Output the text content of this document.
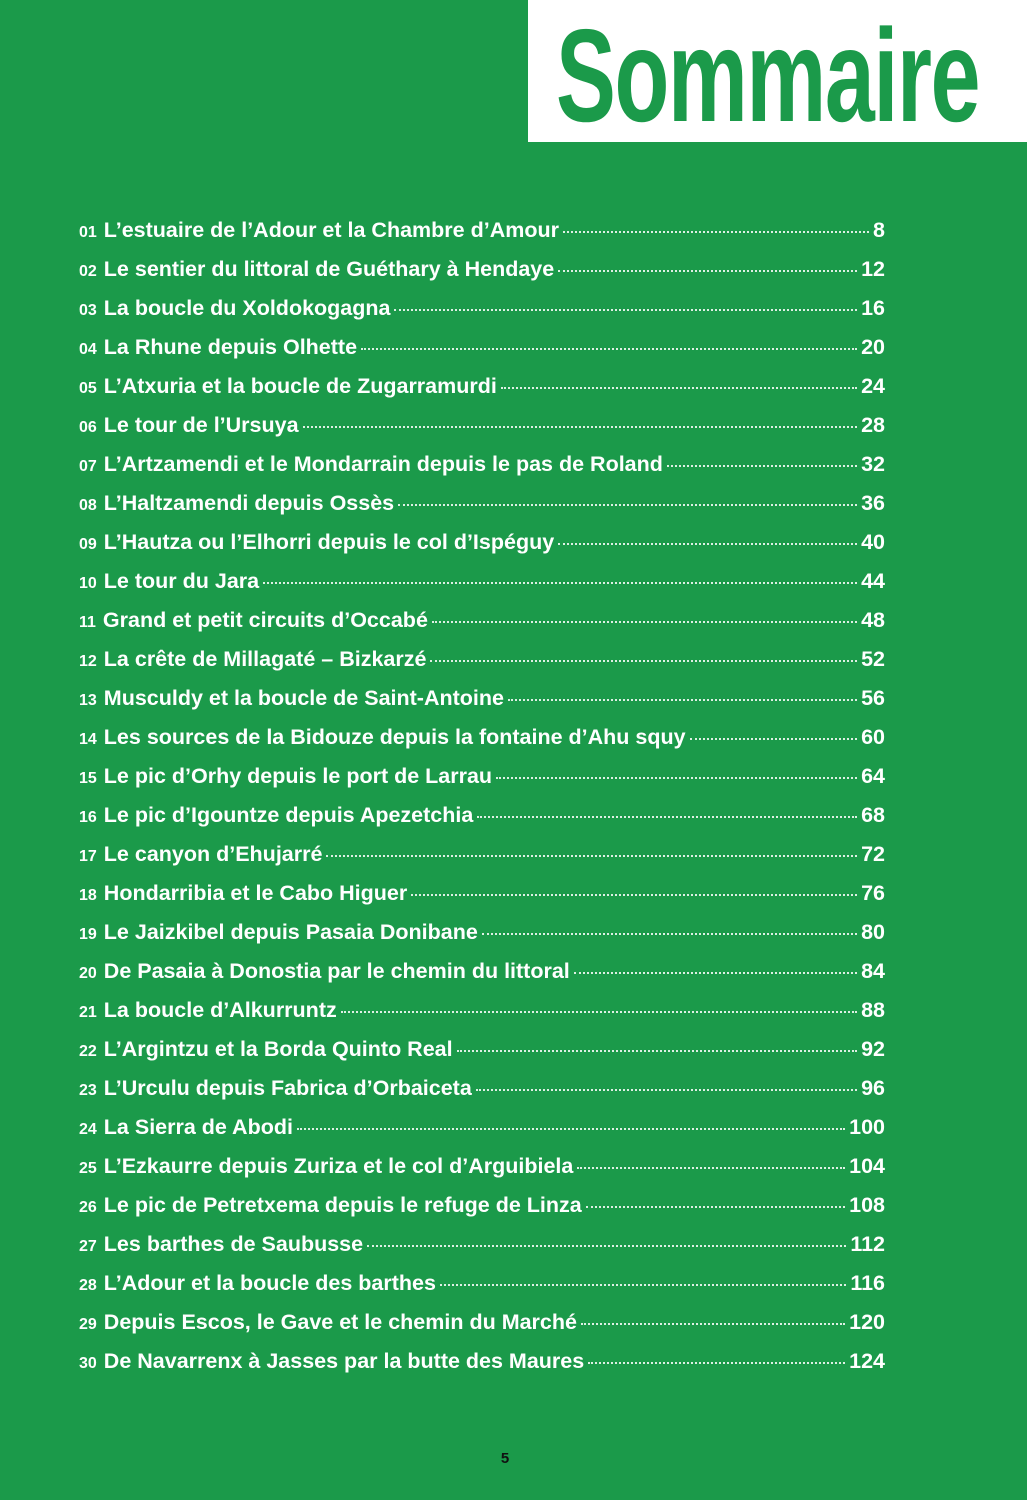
Sommaire
01 L’estuaire de l’Adour et la Chambre d’Amour	8
02 Le sentier du littoral de Guéthary à Hendaye	12
03 La boucle du Xoldokogagna	16
04 La Rhune depuis Olhette	20
05 L’Atxuria et la boucle de Zugarramurdi	24
06 Le tour de l’Ursuya	28
07 L’Artzamendi et le Mondarrain depuis le pas de Roland	32
08 L’Haltzamendi depuis Ossès	36
09 L’Hautza ou l’Elhorri depuis le col d’Ispéguy	40
10 Le tour du Jara	44
11 Grand et petit circuits d’Occabé	48
12 La crête de Millagaté – Bizkarzé	52
13 Musculdy et la boucle de Saint-Antoine	56
14 Les sources de la Bidouze depuis la fontaine d’Ahu squy	60
15 Le pic d’Orhy depuis le port de Larrau	64
16 Le pic d’Igountze depuis Apezetchia	68
17 Le canyon d’Ehujarré	72
18 Hondarribia et le Cabo Higuer	76
19 Le Jaizkibel depuis Pasaia Donibane	80
20 De Pasaia à Donostia par le chemin du littoral	84
21 La boucle d’Alkurruntz	88
22 L’Argintzu et la Borda Quinto Real	92
23 L’Urculu depuis Fabrica d’Orbaiceta	96
24 La Sierra de Abodi	100
25 L’Ezkaurre depuis Zuriza et le col d’Arguibiela	104
26 Le pic de Petretxema depuis le refuge de Linza	108
27 Les barthes de Saubusse	112
28 L’Adour et la boucle des barthes	116
29 Depuis Escos, le Gave et le chemin du Marché	120
30 De Navarrenx à Jasses par la butte des Maures	124
5
